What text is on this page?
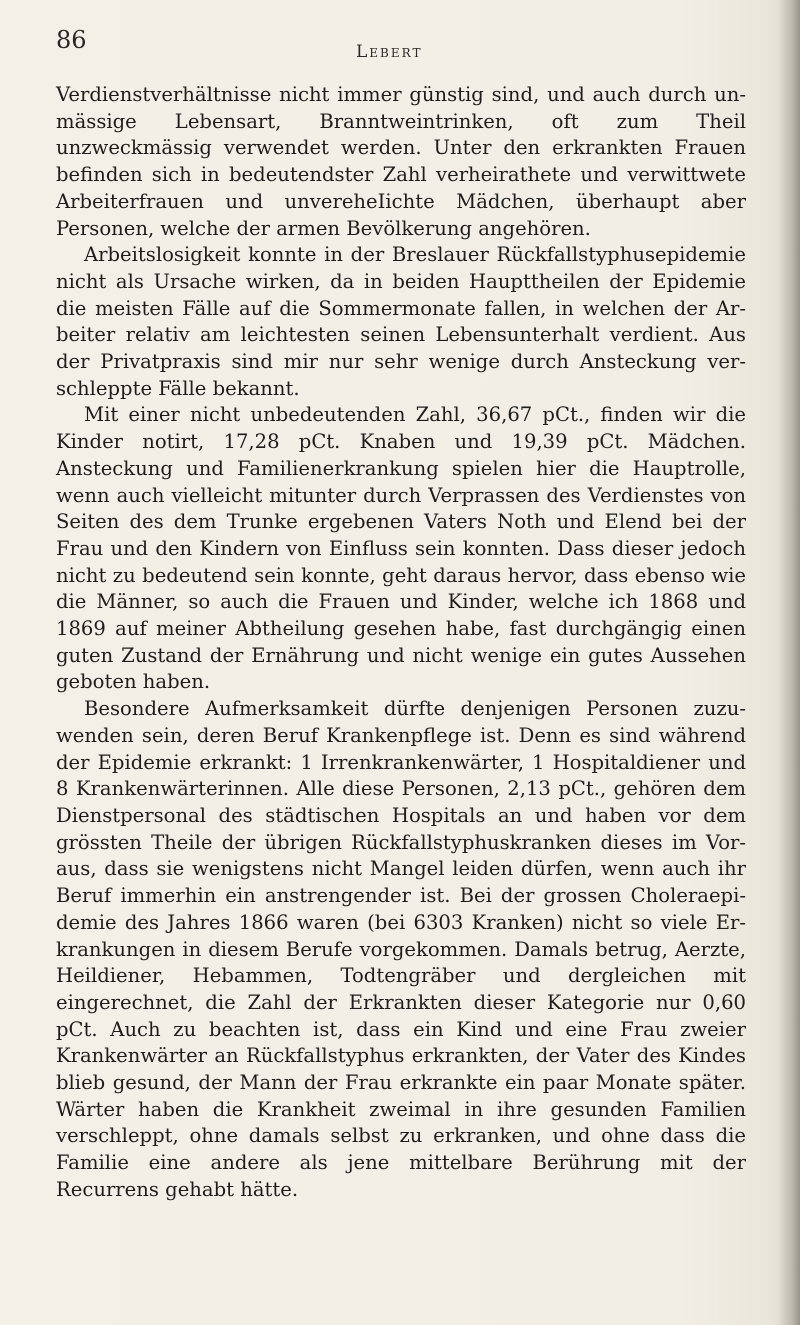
86	Lebert

Verdienstverhältnisse nicht immer günstig sind, und auch durch unmässige Lebensart, Branntweintrinken, oft zum Theil unzweckmässig verwendet werden. Unter den erkrankten Frauen befinden sich in bedeutendster Zahl verheirathete und verwittwete Arbeiterfrauen und unvereheIichte Mädchen, überhaupt aber Personen, welche der armen Bevölkerung angehören.

Arbeitslosigkeit konnte in der Breslauer Rückfallstyphusepidemie nicht als Ursache wirken, da in beiden Haupttheilen der Epidemie die meisten Fälle auf die Sommermonate fallen, in welchen der Arbeiter relativ am leichtesten seinen Lebensunterhalt verdient. Aus der Privatpraxis sind mir nur sehr wenige durch Ansteckung verschleppte Fälle bekannt.

Mit einer nicht unbedeutenden Zahl, 36,67 pCt., finden wir die Kinder notirt, 17,28 pCt. Knaben und 19,39 pCt. Mädchen. Ansteckung und Familienerkrankung spielen hier die Hauptrolle, wenn auch vielleicht mitunter durch Verprassen des Verdienstes von Seiten des dem Trunke ergebenen Vaters Noth und Elend bei der Frau und den Kindern von Einfluss sein konnten. Dass dieser jedoch nicht zu bedeutend sein konnte, geht daraus hervor, dass ebenso wie die Männer, so auch die Frauen und Kinder, welche ich 1868 und 1869 auf meiner Abtheilung gesehen habe, fast durchgängig einen guten Zustand der Ernährung und nicht wenige ein gutes Aussehen geboten haben.

Besondere Aufmerksamkeit dürfte denjenigen Personen zuzuwenden sein, deren Beruf Krankenpflege ist. Denn es sind während der Epidemie erkrankt: 1 Irrenkrankenwärter, 1 Hospitaldiener und 8 Krankenwärterinnen. Alle diese Personen, 2,13 pCt., gehören dem Dienstpersonal des städtischen Hospitals an und haben vor dem grössten Theile der übrigen Rückfallstyphuskranken dieses im Voraus, dass sie wenigstens nicht Mangel leiden dürfen, wenn auch ihr Beruf immerhin ein anstrengender ist. Bei der grossen Choleraepidemie des Jahres 1866 waren (bei 6303 Kranken) nicht so viele Erkrankungen in diesem Berufe vorgekommen. Damals betrug, Aerzte, Heildiener, Hebammen, Todtengräber und dergleichen mit eingerechnet, die Zahl der Erkrankten dieser Kategorie nur 0,60 pCt. Auch zu beachten ist, dass ein Kind und eine Frau zweier Krankenwärter an Rückfallstyphus erkrankten, der Vater des Kindes blieb gesund, der Mann der Frau erkrankte ein paar Monate später. Wärter haben die Krankheit zweimal in ihre gesunden Familien verschleppt, ohne damals selbst zu erkranken, und ohne dass die Familie eine andere als jene mittelbare Berührung mit der Recurrens gehabt hätte.
